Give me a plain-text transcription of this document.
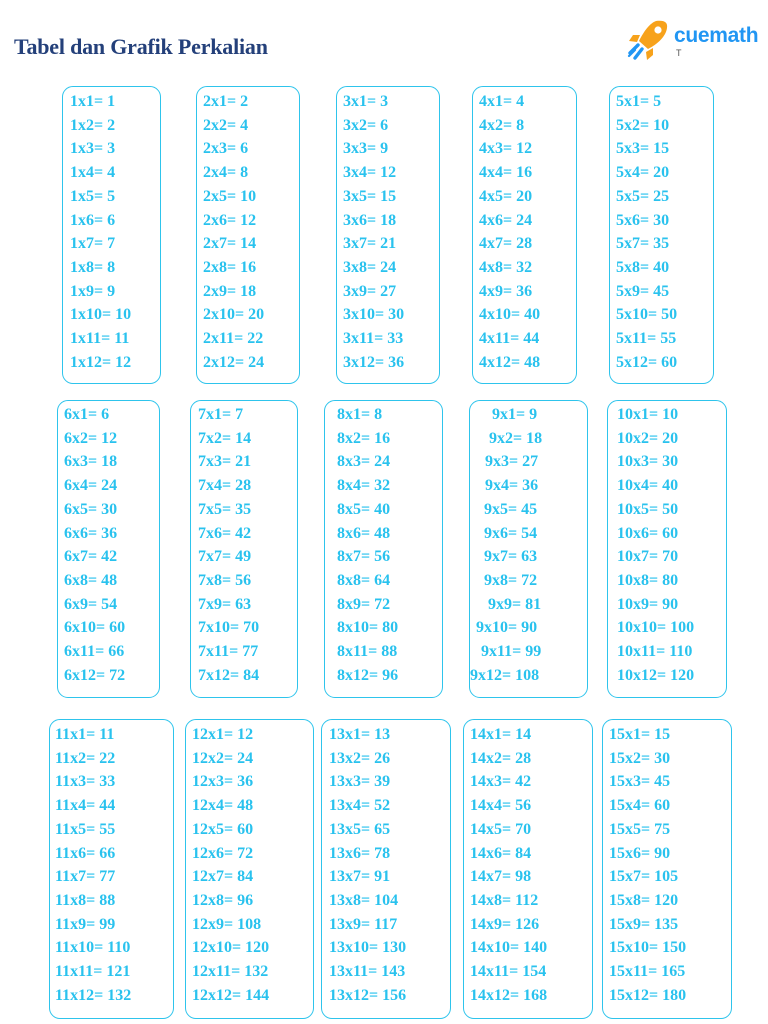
Tabel dan Grafik Perkalian	cuemath
T
1x1= 1
1x2= 2
1x3= 3
1x4= 4
1x5= 5
1x6= 6
1x7= 7
1x8= 8
1x9= 9
1x10= 10
1x11= 11
1x12= 12
2x1= 2
2x2= 4
2x3= 6
2x4= 8
2x5= 10
2x6= 12
2x7= 14
2x8= 16
2x9= 18
2x10= 20
2x11= 22
2x12= 24
3x1= 3
3x2= 6
3x3= 9
3x4= 12
3x5= 15
3x6= 18
3x7= 21
3x8= 24
3x9= 27
3x10= 30
3x11= 33
3x12= 36
4x1= 4
4x2= 8
4x3= 12
4x4= 16
4x5= 20
4x6= 24
4x7= 28
4x8= 32
4x9= 36
4x10= 40
4x11= 44
4x12= 48
5x1= 5
5x2= 10
5x3= 15
5x4= 20
5x5= 25
5x6= 30
5x7= 35
5x8= 40
5x9= 45
5x10= 50
5x11= 55
5x12= 60
6x1= 6
6x2= 12
6x3= 18
6x4= 24
6x5= 30
6x6= 36
6x7= 42
6x8= 48
6x9= 54
6x10= 60
6x11= 66
6x12= 72
7x1= 7
7x2= 14
7x3= 21
7x4= 28
7x5= 35
7x6= 42
7x7= 49
7x8= 56
7x9= 63
7x10= 70
7x11= 77
7x12= 84
8x1= 8
8x2= 16
8x3= 24
8x4= 32
8x5= 40
8x6= 48
8x7= 56
8x8= 64
8x9= 72
8x10= 80
8x11= 88
8x12= 96
9x1= 9
9x2= 18
9x3= 27
9x4= 36
9x5= 45
9x6= 54
9x7= 63
9x8= 72
9x9= 81
9x10= 90
9x11= 99
9x12= 108
10x1= 10
10x2= 20
10x3= 30
10x4= 40
10x5= 50
10x6= 60
10x7= 70
10x8= 80
10x9= 90
10x10= 100
10x11= 110
10x12= 120
11x1= 11
11x2= 22
11x3= 33
11x4= 44
11x5= 55
11x6= 66
11x7= 77
11x8= 88
11x9= 99
11x10= 110
11x11= 121
11x12= 132
12x1= 12
12x2= 24
12x3= 36
12x4= 48
12x5= 60
12x6= 72
12x7= 84
12x8= 96
12x9= 108
12x10= 120
12x11= 132
12x12= 144
13x1= 13
13x2= 26
13x3= 39
13x4= 52
13x5= 65
13x6= 78
13x7= 91
13x8= 104
13x9= 117
13x10= 130
13x11= 143
13x12= 156
14x1= 14
14x2= 28
14x3= 42
14x4= 56
14x5= 70
14x6= 84
14x7= 98
14x8= 112
14x9= 126
14x10= 140
14x11= 154
14x12= 168
15x1= 15
15x2= 30
15x3= 45
15x4= 60
15x5= 75
15x6= 90
15x7= 105
15x8= 120
15x9= 135
15x10= 150
15x11= 165
15x12= 180
